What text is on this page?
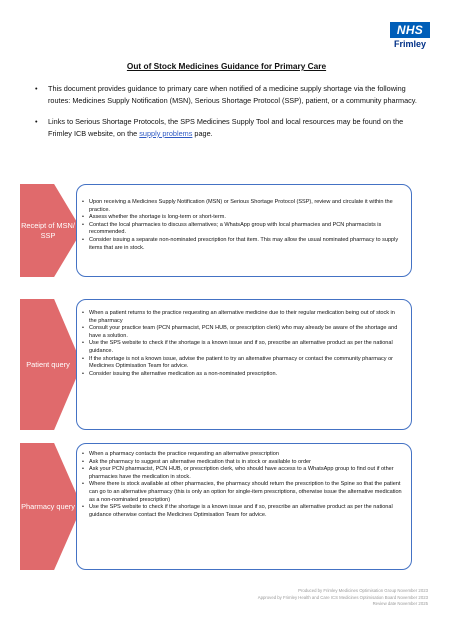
NHS
Frimley
Out of Stock Medicines Guidance for Primary Care
• This document provides guidance to primary care when notified of a medicine supply shortage via the following routes: Medicines Supply Notification (MSN), Serious Shortage Protocol (SSP), patient, or a community pharmacy.
• Links to Serious Shortage Protocols, the SPS Medicines Supply Tool and local resources may be found on the Frimley ICB website, on the supply problems page.
Receipt of MSN/ SSP
• Upon receiving a Medicines Supply Notification (MSN) or Serious Shortage Protocol (SSP), review and circulate it within the practice.
• Assess whether the shortage is long-term or short-term.
• Contact the local pharmacies to discuss alternatives; a WhatsApp group with local pharmacies and PCN pharmacists is recommended.
• Consider issuing a separate non-nominated prescription for that item. This may allow the usual nominated pharmacy to supply items that are in stock.
Patient query
• When a patient returns to the practice requesting an alternative medicine due to their regular medication being out of stock in the pharmacy
• Consult your practice team (PCN pharmacist, PCN HUB, or prescription clerk) who may already be aware of the shortage and have a solution.
• Use the SPS website to check if the shortage is a known issue and if so, prescribe an alternative product as per the national guidance.
• If the shortage is not a known issue, advise the patient to try an alternative pharmacy or contact the community pharmacy or Medicines Optimisation Team for advice.
• Consider issuing the alternative medication as a non-nominated prescription.
Pharmacy query
• When a pharmacy contacts the practice requesting an alternative prescription
• Ask the pharmacy to suggest an alternative medication that is in stock or available to order
• Ask your PCN pharmacist, PCN HUB, or prescription clerk, who should have access to a WhatsApp group to find out if other pharmacies have the medication in stock.
• Where there is stock available at other pharmacies, the pharmacy should return the prescription to the Spine so that the patient can go to an alternative pharmacy (this is only an option for single-item prescriptions, otherwise issue the alternative medication as a non-nominated prescription)
• Use the SPS website to check if the shortage is a known issue and if so, prescribe an alternative product as per the national guidance otherwise contact the Medicines Optimisation Team for advice.
Produced by Frimley Medicines Optimisation Group November 2023
Approved by Frimley Health and Care ICS Medicines Optimisation Board November 2023
Review date November 2025
